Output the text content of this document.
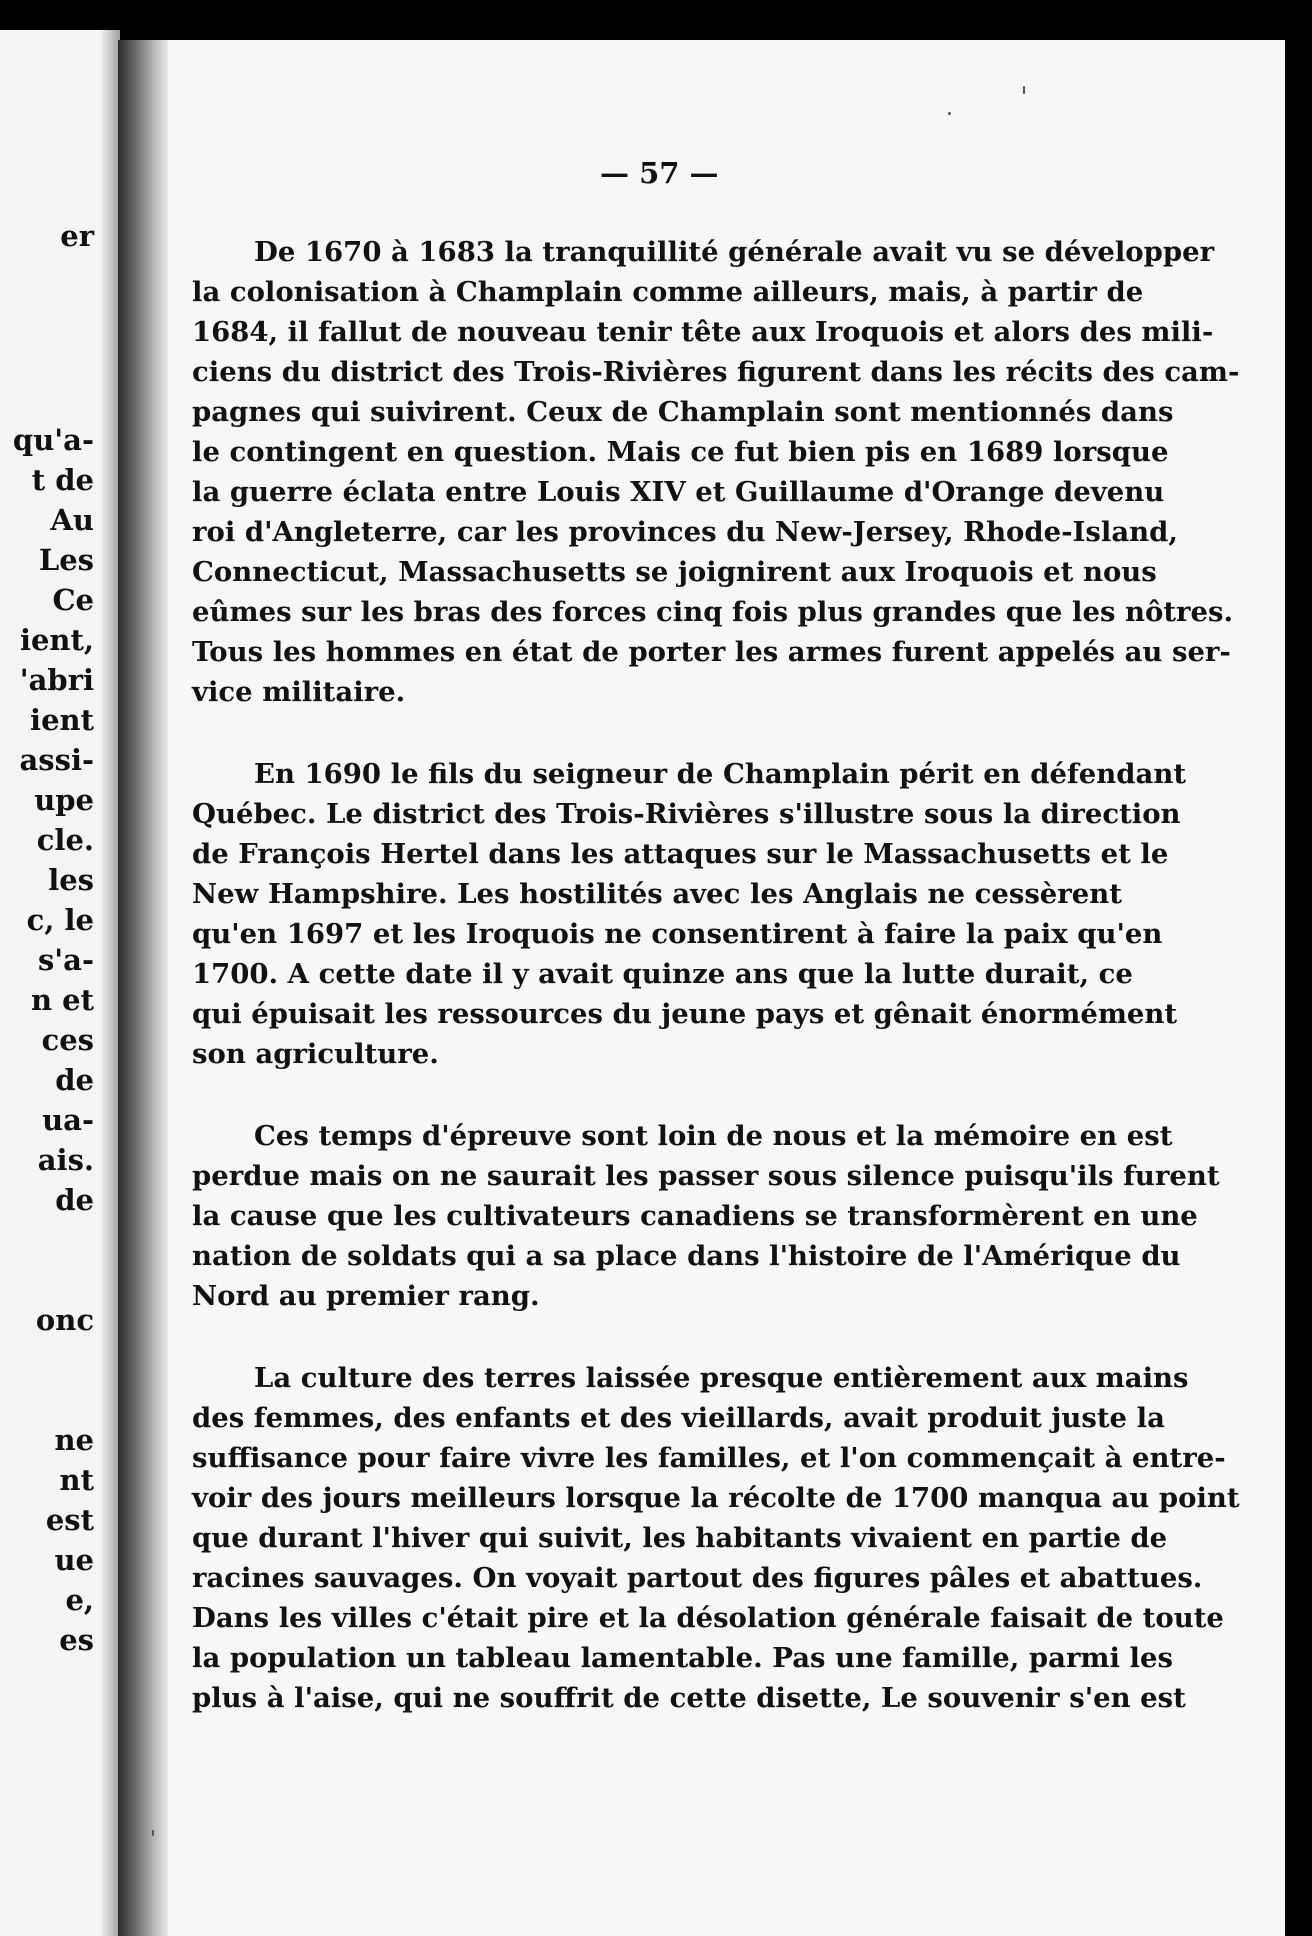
er
qu'a-
t de
Au
Les
Ce
ient,
'abri
ient
assi-
upe
cle.
les
c, le
s'a-
n et
ces
de
ua-
ais.
de
onc
ne
nt
est
ue
e,
es
— 57 —
De 1670 à 1683 la tranquillité générale avait vu se développer
la colonisation à Champlain comme ailleurs, mais, à partir de
1684, il fallut de nouveau tenir tête aux Iroquois et alors des mili-
ciens du district des Trois-Rivières figurent dans les récits des cam-
pagnes qui suivirent. Ceux de Champlain sont mentionnés dans
le contingent en question. Mais ce fut bien pis en 1689 lorsque
la guerre éclata entre Louis XIV et Guillaume d'Orange devenu
roi d'Angleterre, car les provinces du New-Jersey, Rhode-Island,
Connecticut, Massachusetts se joignirent aux Iroquois et nous
eûmes sur les bras des forces cinq fois plus grandes que les nôtres.
Tous les hommes en état de porter les armes furent appelés au ser-
vice militaire.
En 1690 le fils du seigneur de Champlain périt en défendant
Québec. Le district des Trois-Rivières s'illustre sous la direction
de François Hertel dans les attaques sur le Massachusetts et le
New Hampshire. Les hostilités avec les Anglais ne cessèrent
qu'en 1697 et les Iroquois ne consentirent à faire la paix qu'en
1700. A cette date il y avait quinze ans que la lutte durait, ce
qui épuisait les ressources du jeune pays et gênait énormément
son agriculture.
Ces temps d'épreuve sont loin de nous et la mémoire en est
perdue mais on ne saurait les passer sous silence puisqu'ils furent
la cause que les cultivateurs canadiens se transformèrent en une
nation de soldats qui a sa place dans l'histoire de l'Amérique du
Nord au premier rang.
La culture des terres laissée presque entièrement aux mains
des femmes, des enfants et des vieillards, avait produit juste la
suffisance pour faire vivre les familles, et l'on commençait à entre-
voir des jours meilleurs lorsque la récolte de 1700 manqua au point
que durant l'hiver qui suivit, les habitants vivaient en partie de
racines sauvages. On voyait partout des figures pâles et abattues.
Dans les villes c'était pire et la désolation générale faisait de toute
la population un tableau lamentable. Pas une famille, parmi les
plus à l'aise, qui ne souffrit de cette disette, Le souvenir s'en est
